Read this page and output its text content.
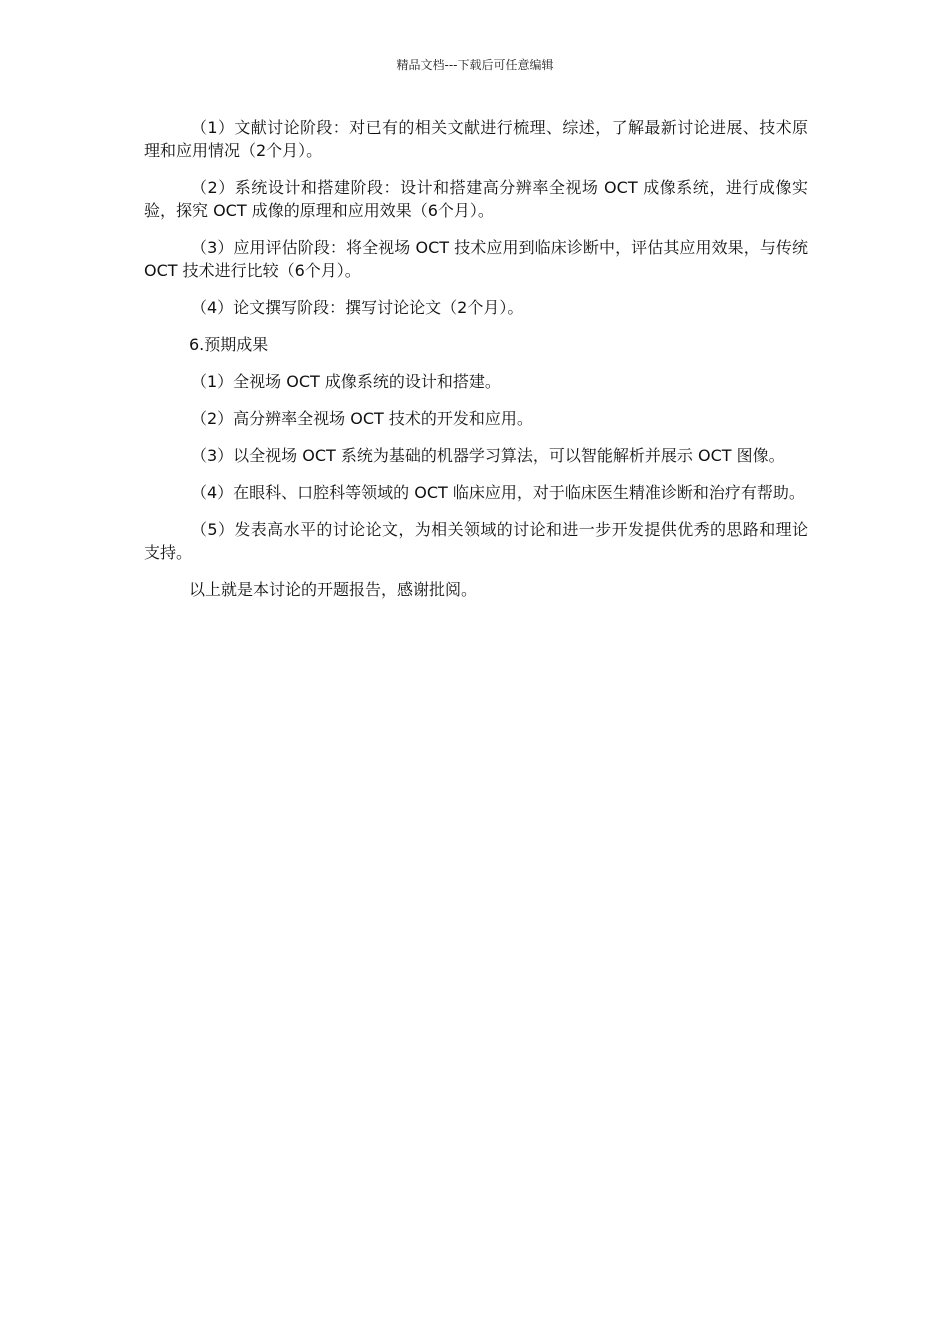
精品文档---下载后可任意编辑

（1）文献讨论阶段：对已有的相关文献进行梳理、综述，了解最新讨论进展、技术原理和应用情况（2个月）。

（2）系统设计和搭建阶段：设计和搭建高分辨率全视场 OCT 成像系统，进行成像实验，探究 OCT 成像的原理和应用效果（6个月）。

（3）应用评估阶段：将全视场 OCT 技术应用到临床诊断中，评估其应用效果，与传统 OCT 技术进行比较（6个月）。

（4）论文撰写阶段：撰写讨论论文（2个月）。

6.预期成果

（1）全视场 OCT 成像系统的设计和搭建。

（2）高分辨率全视场 OCT 技术的开发和应用。

（3）以全视场 OCT 系统为基础的机器学习算法，可以智能解析并展示 OCT 图像。

（4）在眼科、口腔科等领域的 OCT 临床应用，对于临床医生精准诊断和治疗有帮助。

（5）发表高水平的讨论论文，为相关领域的讨论和进一步开发提供优秀的思路和理论支持。

以上就是本讨论的开题报告，感谢批阅。
